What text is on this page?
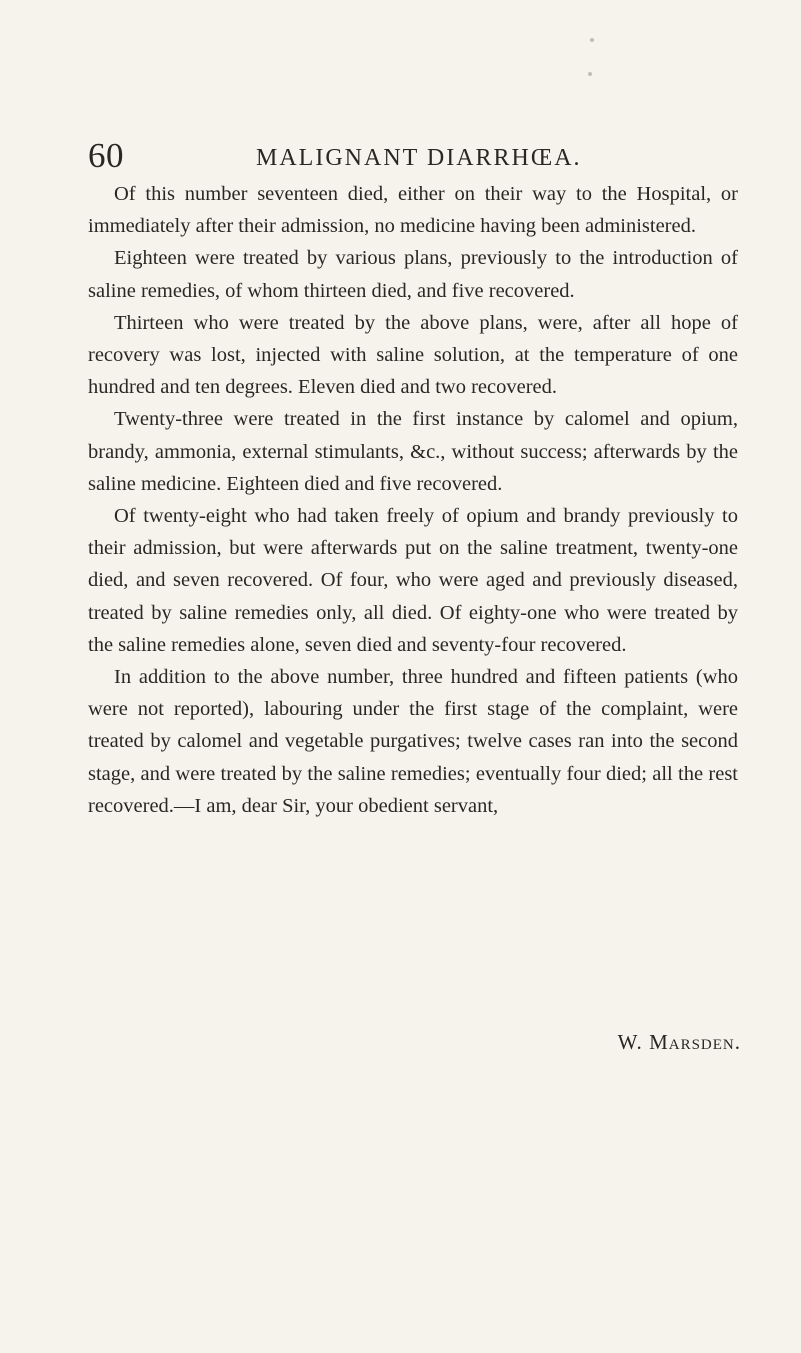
60	MALIGNANT DIARRHŒA.

Of this number seventeen died, either on their way to the Hospital, or immediately after their admission, no medicine having been administered.

Eighteen were treated by various plans, previously to the introduction of saline remedies, of whom thirteen died, and five recovered.

Thirteen who were treated by the above plans, were, after all hope of recovery was lost, injected with saline solution, at the temperature of one hundred and ten degrees. Eleven died and two recovered.

Twenty-three were treated in the first instance by calomel and opium, brandy, ammonia, external stimulants, &c., without success; afterwards by the saline medicine. Eighteen died and five recovered.

Of twenty-eight who had taken freely of opium and brandy previously to their admission, but were afterwards put on the saline treatment, twenty-one died, and seven recovered. Of four, who were aged and previously diseased, treated by saline remedies only, all died. Of eighty-one who were treated by the saline remedies alone, seven died and seventy-four recovered.

In addition to the above number, three hundred and fifteen patients (who were not reported), labouring under the first stage of the complaint, were treated by calomel and vegetable purgatives; twelve cases ran into the second stage, and were treated by the saline remedies; eventually four died; all the rest recovered.—I am, dear Sir, your obedient servant,

W. Marsden.
